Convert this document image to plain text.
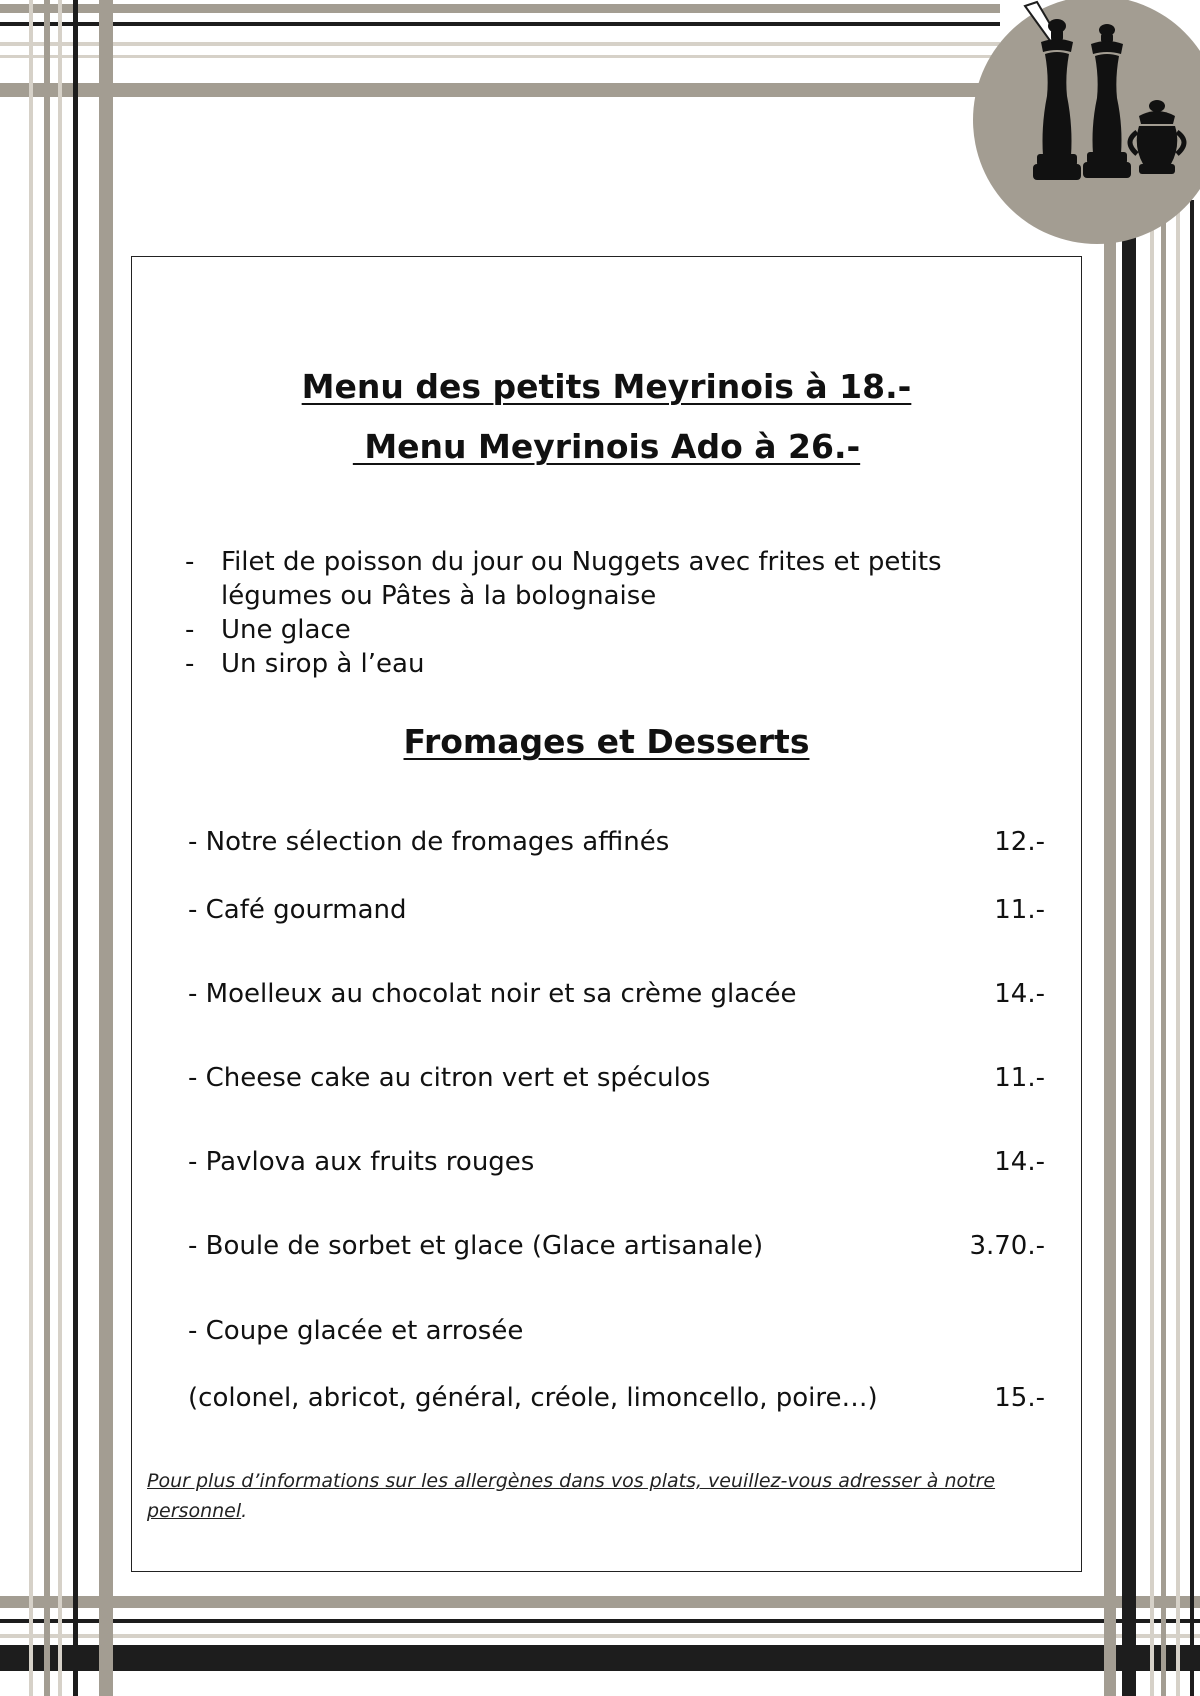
Menu des petits Meyrinois à 18.-
Menu Meyrinois Ado à 26.-
-	Filet de poisson du jour ou Nuggets avec frites et petits légumes ou Pâtes à la bolognaise
-	Une glace
-	Un sirop à l’eau
Fromages et Desserts
- Notre sélection de fromages affinés	12.-
- Café gourmand	11.-
- Moelleux au chocolat noir et sa crème glacée	14.-
- Cheese cake au citron vert et spéculos	11.-
- Pavlova aux fruits rouges	14.-
- Boule de sorbet et glace (Glace artisanale)	3.70.-
- Coupe glacée et arrosée
(colonel, abricot, général, créole, limoncello, poire…)	15.-
Pour plus d’informations sur les allergènes dans vos plats, veuillez-vous adresser à notre personnel.
